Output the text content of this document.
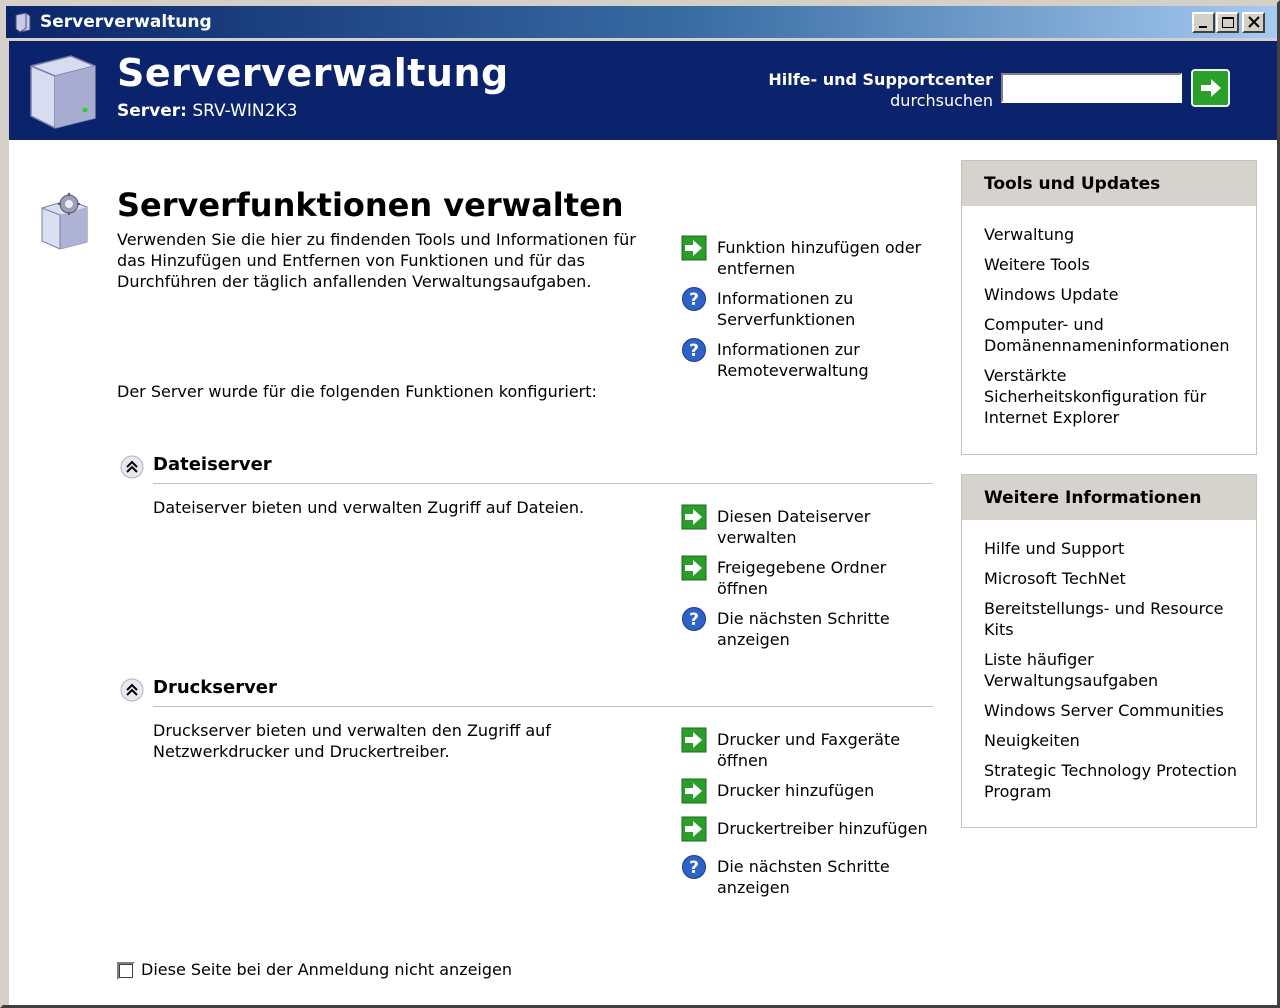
Serververwaltung
Serververwaltung
Server: SRV-WIN2K3
Hilfe- und Supportcenter
durchsuchen
Serverfunktionen verwalten
Verwenden Sie die hier zu findenden Tools und Informationen für das Hinzufügen und Entfernen von Funktionen und für das Durchführen der täglich anfallenden Verwaltungsaufgaben.
Funktion hinzufügen oder entfernen
? Informationen zu Serverfunktionen
? Informationen zur Remoteverwaltung
Der Server wurde für die folgenden Funktionen konfiguriert:
Dateiserver
Dateiserver bieten und verwalten Zugriff auf Dateien.	Diesen Dateiserver verwalten
Freigegebene Ordner öffnen
? Die nächsten Schritte anzeigen
Druckserver
Druckserver bieten und verwalten den Zugriff auf Netzwerkdrucker und Druckertreiber.
Drucker und Faxgeräte öffnen
Drucker hinzufügen
Druckertreiber hinzufügen
? Die nächsten Schritte anzeigen
Tools und Updates
Verwaltung
Weitere Tools
Windows Update
Computer- und Domänennameninformationen
Verstärkte Sicherheitskonfiguration für Internet Explorer
Weitere Informationen
Hilfe und Support
Microsoft TechNet
Bereitstellungs- und Resource Kits
Liste häufiger Verwaltungsaufgaben
Windows Server Communities
Neuigkeiten
Strategic Technology Protection Program
Diese Seite bei der Anmeldung nicht anzeigen
